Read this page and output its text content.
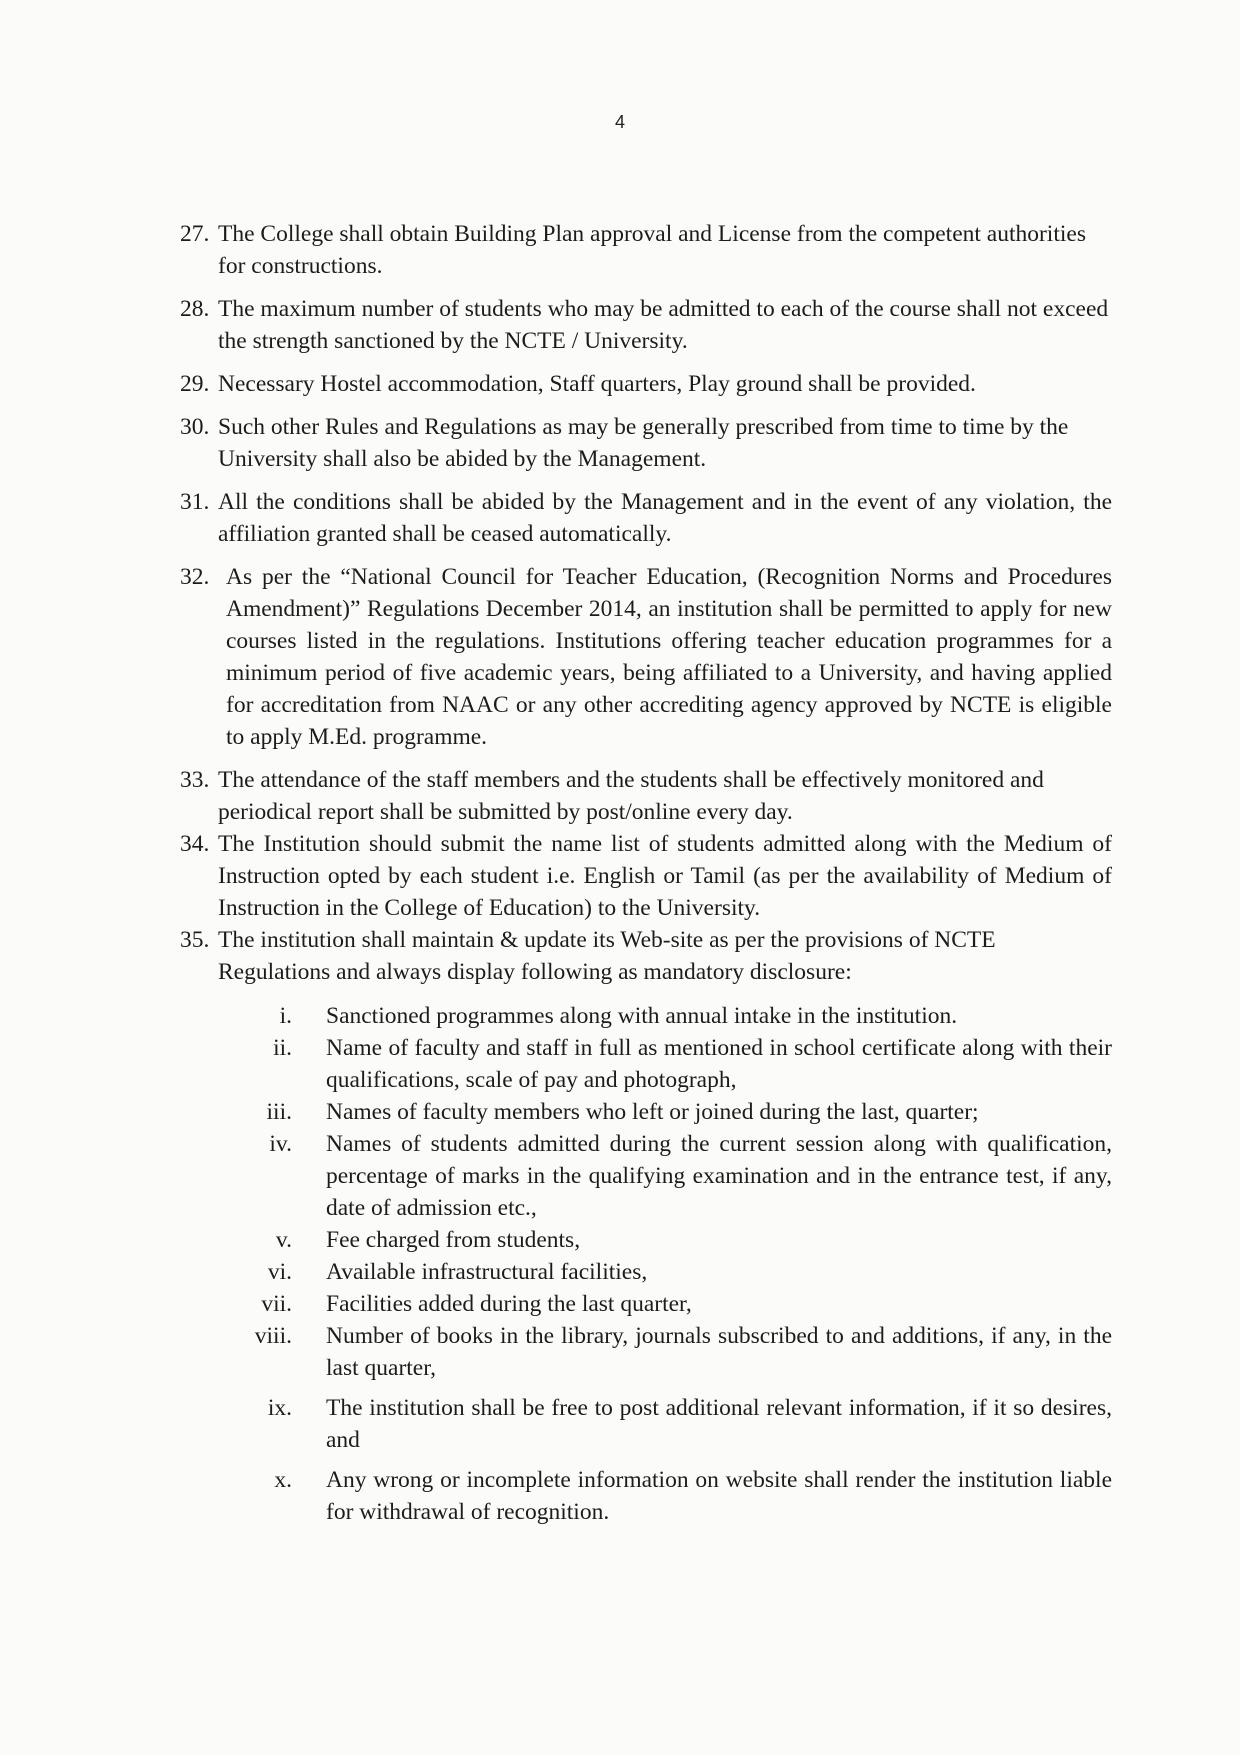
4
27. The College shall obtain Building Plan approval and License from the competent authorities for constructions.
28. The maximum number of students who may be admitted to each of the course shall not exceed the strength sanctioned by the NCTE / University.
29. Necessary Hostel accommodation, Staff quarters, Play ground shall be provided.
30. Such other Rules and Regulations as may be generally prescribed from time to time by the University shall also be abided by the Management.
31. All the conditions shall be abided by the Management and in the event of any violation, the affiliation granted shall be ceased automatically.
32. As per the “National Council for Teacher Education, (Recognition Norms and Procedures Amendment)” Regulations December 2014, an institution shall be permitted to apply for new courses listed in the regulations. Institutions offering teacher education programmes for a minimum period of five academic years, being affiliated to a University, and having applied for accreditation from NAAC or any other accrediting agency approved by NCTE is eligible to apply M.Ed. programme.
33. The attendance of the staff members and the students shall be effectively monitored and periodical report shall be submitted by post/online every day.
34. The Institution should submit the name list of students admitted along with the Medium of Instruction opted by each student i.e. English or Tamil (as per the availability of Medium of Instruction in the College of Education) to the University.
35. The institution shall maintain & update its Web-site as per the provisions of NCTE Regulations and always display following as mandatory disclosure:
i. Sanctioned programmes along with annual intake in the institution.
ii. Name of faculty and staff in full as mentioned in school certificate along with their qualifications, scale of pay and photograph,
iii. Names of faculty members who left or joined during the last, quarter;
iv. Names of students admitted during the current session along with qualification, percentage of marks in the qualifying examination and in the entrance test, if any, date of admission etc.,
v. Fee charged from students,
vi. Available infrastructural facilities,
vii. Facilities added during the last quarter,
viii. Number of books in the library, journals subscribed to and additions, if any, in the last quarter,
ix. The institution shall be free to post additional relevant information, if it so desires, and
x. Any wrong or incomplete information on website shall render the institution liable for withdrawal of recognition.
